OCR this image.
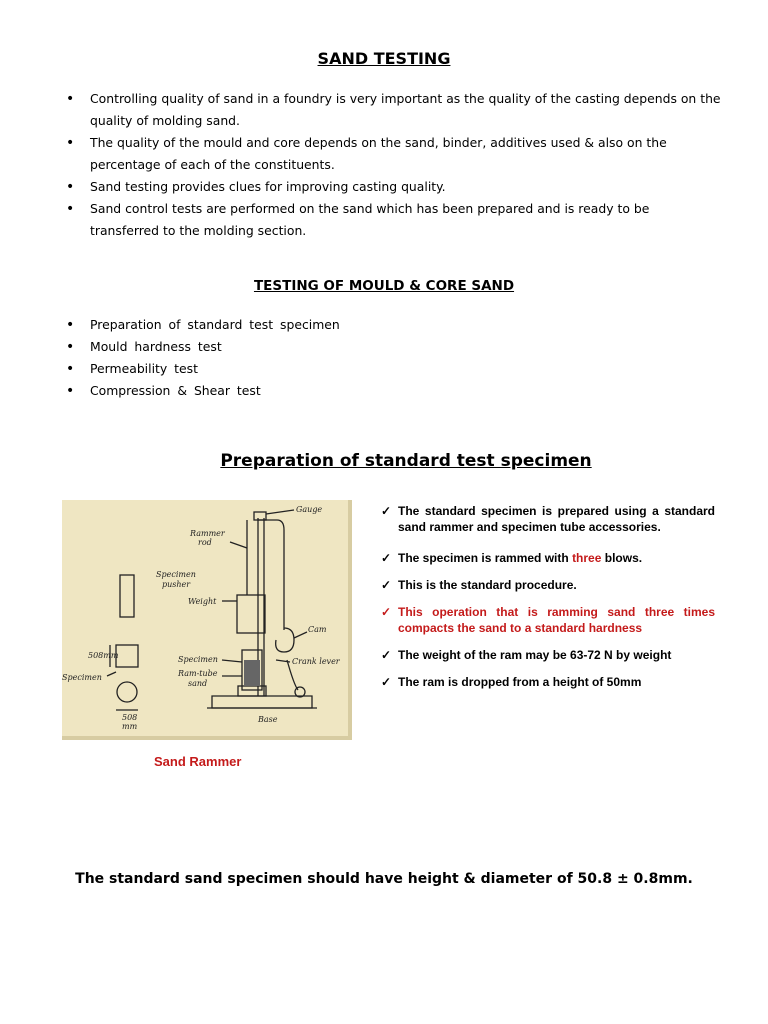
SAND TESTING
• Controlling quality of sand in a foundry is very important as the quality of the casting depends on the quality of molding sand.
• The quality of the mould and core depends on the sand, binder, additives used & also on the percentage of each of the constituents.
• Sand testing provides clues for improving casting quality.
• Sand control tests are performed on the sand which has been prepared and is ready to be transferred to the molding section.
TESTING OF MOULD & CORE SAND
• Preparation of standard test specimen
• Mould hardness test
• Permeability test
• Compression & Shear test
Preparation of standard test specimen
Gauge
Rammer
rod
Specimen
pusher
Weight
Cam
508mm
Specimen
Specimen
Ram-tube
sand
Crank lever
508
mm
Base
Sand Rammer
✓ The standard specimen is prepared using a standard sand rammer and specimen tube accessories.
✓ The specimen is rammed with three blows.
✓ This is the standard procedure.
✓ This operation that is ramming sand three times compacts the sand to a standard hardness
✓ The weight of the ram may be 63-72 N by weight
✓ The ram is dropped from a height of 50mm
The standard sand specimen should have height & diameter of 50.8 ± 0.8mm.
